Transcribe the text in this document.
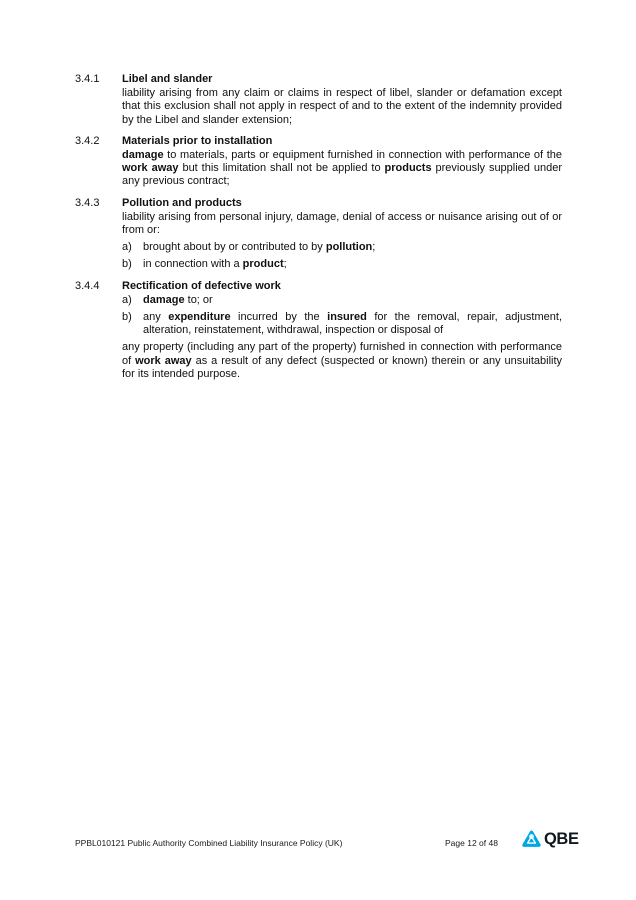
3.4.1	Libel and slander
liability arising from any claim or claims in respect of libel, slander or defamation except that this exclusion shall not apply in respect of and to the extent of the indemnity provided by the Libel and slander extension;
3.4.2	Materials prior to installation
damage to materials, parts or equipment furnished in connection with performance of the work away but this limitation shall not be applied to products previously supplied under any previous contract;
3.4.3	Pollution and products
liability arising from personal injury, damage, denial of access or nuisance arising out of or from or:
a)	brought about by or contributed to by pollution;
b)	in connection with a product;
3.4.4	Rectification of defective work
a)	damage to; or
b)	any expenditure incurred by the insured for the removal, repair, adjustment, alteration, reinstatement, withdrawal, inspection or disposal of
any property (including any part of the property) furnished in connection with performance of work away as a result of any defect (suspected or known) therein or any unsuitability for its intended purpose.
PPBL010121 Public Authority Combined Liability Insurance Policy (UK)	Page 12 of 48	QBE
